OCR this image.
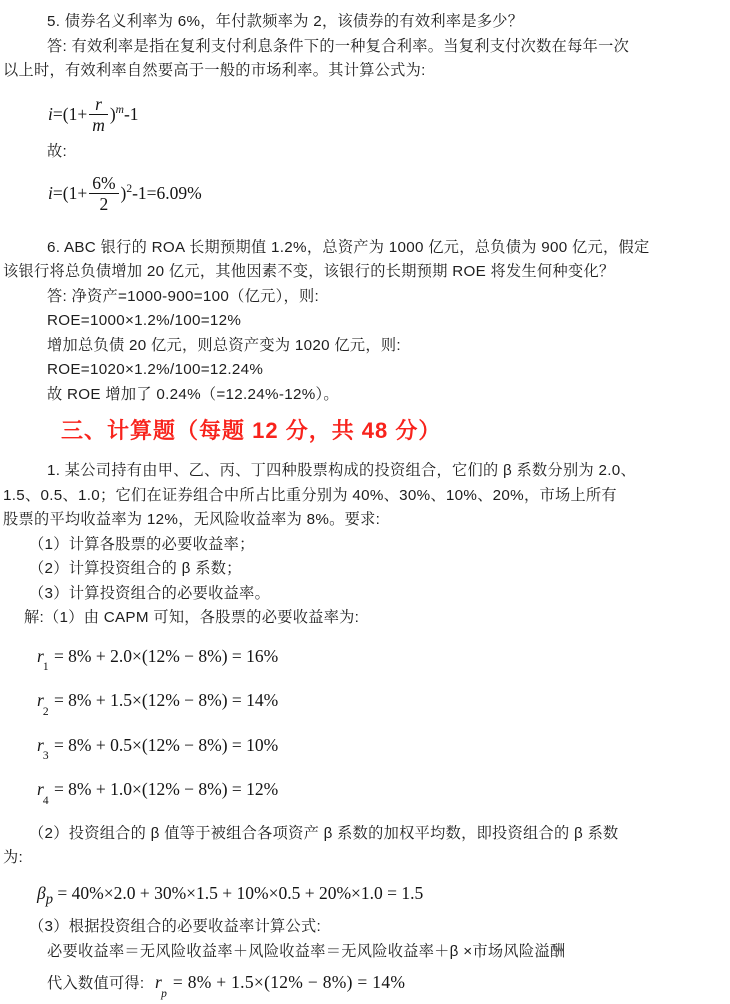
5. 债券名义利率为 6%，年付款频率为 2，该债券的有效利率是多少？

答: 有效利率是指在复利支付利息条件下的一种复合利率。当复利支付次数在每年一次

以上时，有效利率自然要高于一般的市场利率。其计算公式为:

$i =(1+ \frac{r}{m} )^m$ -1

故:

$i =(1+ \frac{6\%}{2} )^2$ -1=6.09%

6. ABC 银行的 ROA 长期预期值 1.2%，总资产为 1000 亿元，总负债为 900 亿元，假定

该银行将总负债增加 20 亿元，其他因素不变，该银行的长期预期 ROE 将发生何种变化？

答: 净资产=1000-900=100（亿元），则:

ROE=1000×1.2%/100=12%

增加总负债 20 亿元，则总资产变为 1020 亿元，则:

ROE=1020×1.2%/100=12.24%

故 ROE 增加了 0.24%（=12.24%-12%）。

三、计算题（每题 12 分，共 48 分）

1. 某公司持有由甲、乙、丙、丁四种股票构成的投资组合，它们的 β 系数分别为 2.0、

1.5、0.5、1.0；它们在证券组合中所占比重分别为 40%、30%、10%、20%，市场上所有

股票的平均收益率为 12%，无风险收益率为 8%。要求:

（1）计算各股票的必要收益率；

（2）计算投资组合的 β 系数；

（3）计算投资组合的必要收益率。

解:（1）由 CAPM 可知，各股票的必要收益率为:

$r_1 = 8\% + 2.0\times(12\% - 8\%) = 16\%$
$r_2 = 8\% + 1.5\times(12\% - 8\%) = 14\%$
$r_3 = 8\% + 0.5\times(12\% - 8\%) = 10\%$
$r_4 = 8\% + 1.0\times(12\% - 8\%) = 12\%$

（2）投资组合的 β 值等于被组合各项资产 β 系数的加权平均数，即投资组合的 β 系数

为:

$\beta_p = 40\%\times 2.0 + 30\%\times 1.5 + 10\%\times 0.5 + 20\%\times 1.0 = 1.5$

（3）根据投资组合的必要收益率计算公式:

必要收益率＝无风险收益率＋风险收益率＝无风险收益率＋β ×市场风险溢酬

代入数值可得: $r_p = 8\% + 1.5\times(12\% - 8\%) = 14\%$
